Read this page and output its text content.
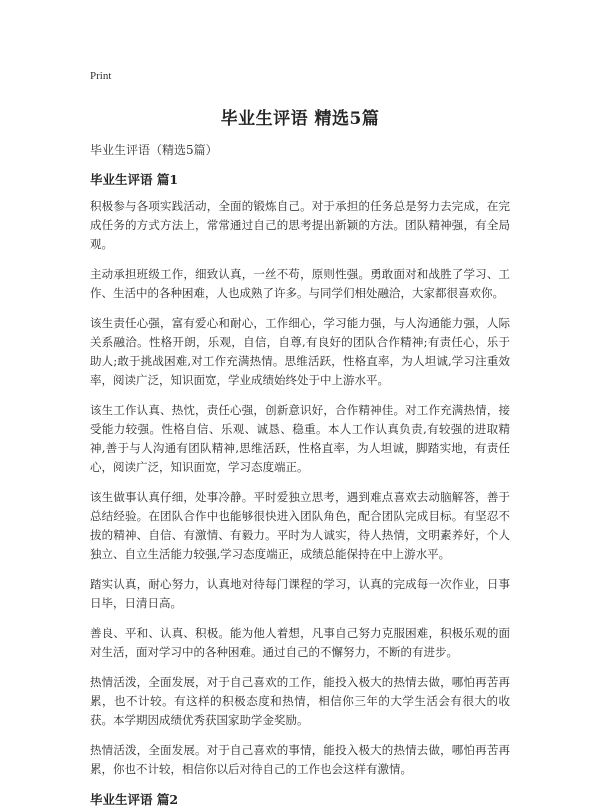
Print
毕业生评语 精选5篇
毕业生评语（精选5篇）
毕业生评语 篇1

积极参与各项实践活动，全面的锻炼自己。对于承担的任务总是努力去完成，在完成任务的方式方法上，常常通过自己的思考提出新颖的方法。团队精神强，有全局观。

主动承担班级工作，细致认真，一丝不苟，原则性强。勇敢面对和战胜了学习、工作、生活中的各种困难，人也成熟了许多。与同学们相处融洽，大家都很喜欢你。

该生责任心强，富有爱心和耐心，工作细心，学习能力强，与人沟通能力强，人际关系融洽。性格开朗，乐观，自信，自尊,有良好的团队合作精神;有责任心，乐于助人;敢于挑战困难,对工作充满热情。思维活跃，性格直率，为人坦诚,学习注重效率，阅读广泛，知识面宽，学业成绩始终处于中上游水平。

该生工作认真、热忱，责任心强，创新意识好，合作精神佳。对工作充满热情，接受能力较强。性格自信、乐观、诚恳、稳重。本人工作认真负责,有较强的进取精神,善于与人沟通有团队精神,思维活跃，性格直率，为人坦诚，脚踏实地，有责任心，阅读广泛，知识面宽，学习态度端正。

该生做事认真仔细，处事冷静。平时爱独立思考，遇到难点喜欢去动脑解答，善于总结经验。在团队合作中也能够很快进入团队角色，配合团队完成目标。有坚忍不拔的精神、自信、有激情、有毅力。平时为人诚实，待人热情，文明素养好，个人独立、自立生活能力较强,学习态度端正，成绩总能保持在中上游水平。

踏实认真，耐心努力，认真地对待每门课程的学习，认真的完成每一次作业，日事日毕，日清日高。

善良、平和、认真、积极。能为他人着想，凡事自己努力克服困难，积极乐观的面对生活，面对学习中的各种困难。通过自己的不懈努力，不断的有进步。

热情活泼，全面发展，对于自己喜欢的工作，能投入极大的热情去做，哪怕再苦再累，也不计较。有这样的积极态度和热情，相信你三年的大学生活会有很大的收获。本学期因成绩优秀获国家助学金奖励。

热情活泼，全面发展。对于自己喜欢的事情，能投入极大的热情去做，哪怕再苦再累，你也不计较，相信你以后对待自己的工作也会这样有激情。

毕业生评语 篇2
